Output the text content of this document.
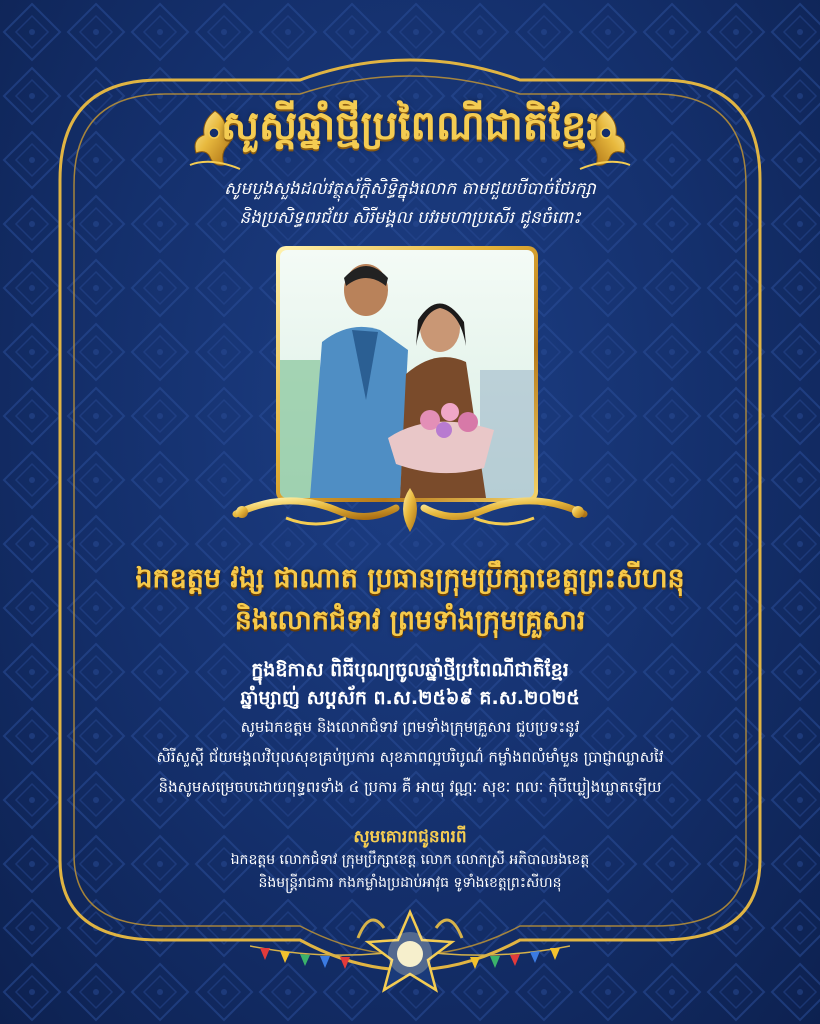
សួស្តីឆ្នាំថ្មីប្រពៃណីជាតិខ្មែរ
សូមបួងសួងដល់វត្ថុស័ក្តិសិទ្ធិក្នុងលោក តាមជួយបីបាច់ថែរក្សា
និងប្រសិទ្ធពរជ័យ សិរីមង្គល បវរមហាប្រសើរ ជូនចំពោះ
ឯកឧត្តម វង្ស ផាណាត ប្រធានក្រុមប្រឹក្សាខេត្តព្រះសីហនុ
និងលោកជំទាវ ព្រមទាំងក្រុមគ្រួសារ
ក្នុងឱកាស ពិធីបុណ្យចូលឆ្នាំថ្មីប្រពៃណីជាតិខ្មែរ
ឆ្នាំម្សាញ់ សប្តស័ក ព.ស.២៥៦៩ គ.ស.២០២៥
សូមឯកឧត្តម និងលោកជំទាវ ព្រមទាំងក្រុមគ្រួសារ ជួបប្រទះនូវ
សិរីសួស្តី ជ័យមង្គលវិបុលសុខគ្រប់ប្រការ សុខភាពល្អបរិបូណ៌ កម្លាំងពលំមាំមួន ប្រាជ្ញាឈ្លាសវៃ
និងសូមសម្រេចបដោយពុទ្ធពរទាំង ៤ ប្រការ គឺ អាយុ វណ្ណៈ សុខៈ ពលៈ កុំបីឃ្លៀងឃ្លាតឡើយ
សូមគោរពជូនពរពី
ឯកឧត្តម លោកជំទាវ ក្រុមប្រឹក្សាខេត្ត លោក លោកស្រី អភិបាលរងខេត្ត
និងមន្ត្រីរាជការ កងកម្លាំងប្រដាប់អាវុធ ទូទាំងខេត្តព្រះសីហនុ
